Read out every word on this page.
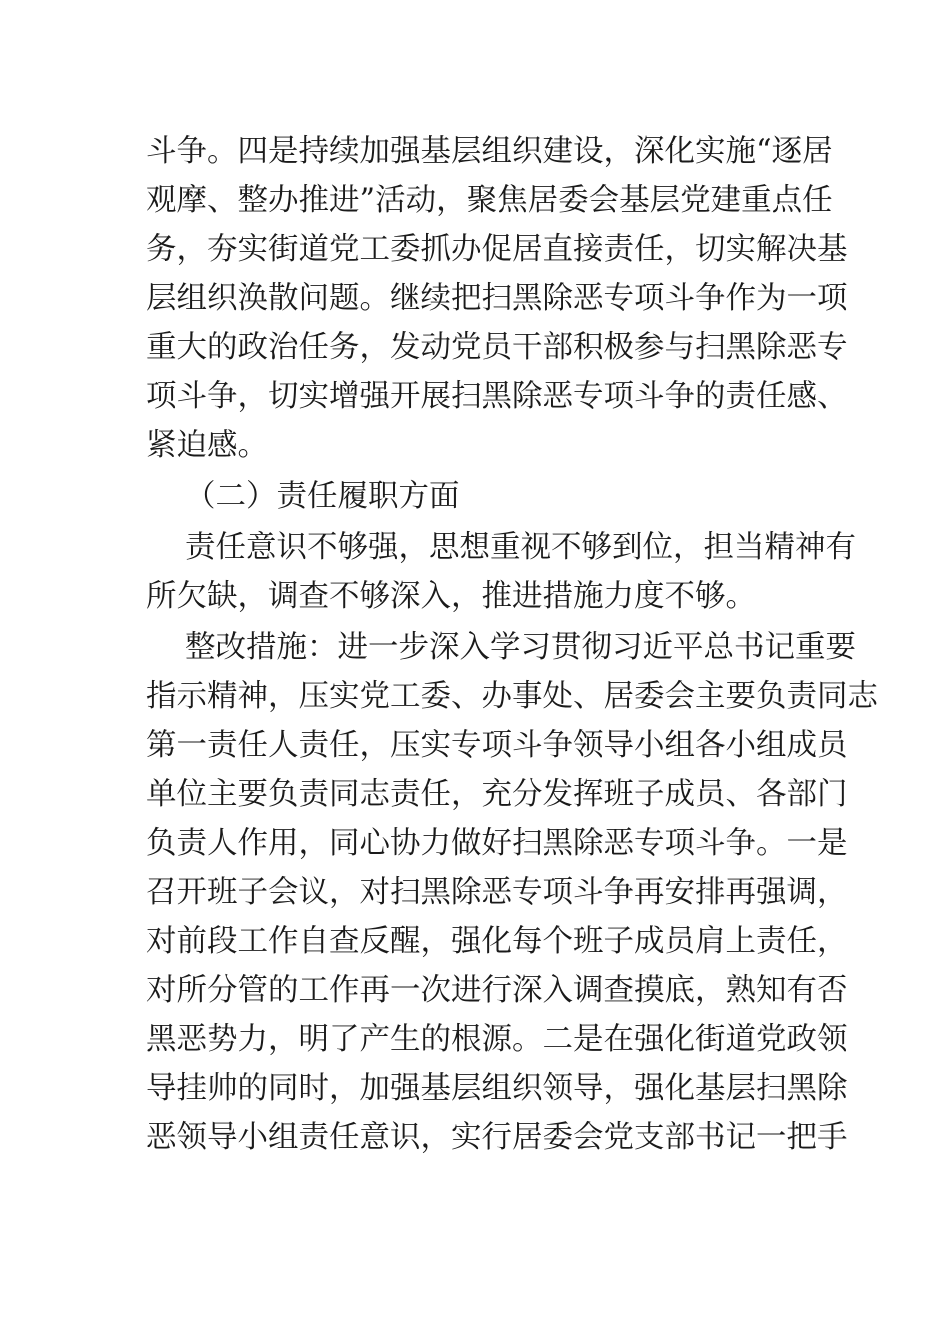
斗争。四是持续加强基层组织建设，深化实施“逐居
观摩、整办推进”活动，聚焦居委会基层党建重点任
务，夯实街道党工委抓办促居直接责任，切实解决基
层组织涣散问题。继续把扫黑除恶专项斗争作为一项
重大的政治任务，发动党员干部积极参与扫黑除恶专
项斗争，切实增强开展扫黑除恶专项斗争的责任感、
紧迫感。
（二）责任履职方面
责任意识不够强，思想重视不够到位，担当精神有
所欠缺，调查不够深入，推进措施力度不够。
整改措施：进一步深入学习贯彻习近平总书记重要
指示精神，压实党工委、办事处、居委会主要负责同志
第一责任人责任，压实专项斗争领导小组各小组成员
单位主要负责同志责任，充分发挥班子成员、各部门
负责人作用，同心协力做好扫黑除恶专项斗争。一是
召开班子会议，对扫黑除恶专项斗争再安排再强调，
对前段工作自查反醒，强化每个班子成员肩上责任，
对所分管的工作再一次进行深入调查摸底，熟知有否
黑恶势力，明了产生的根源。二是在强化街道党政领
导挂帅的同时，加强基层组织领导，强化基层扫黑除
恶领导小组责任意识，实行居委会党支部书记一把手
